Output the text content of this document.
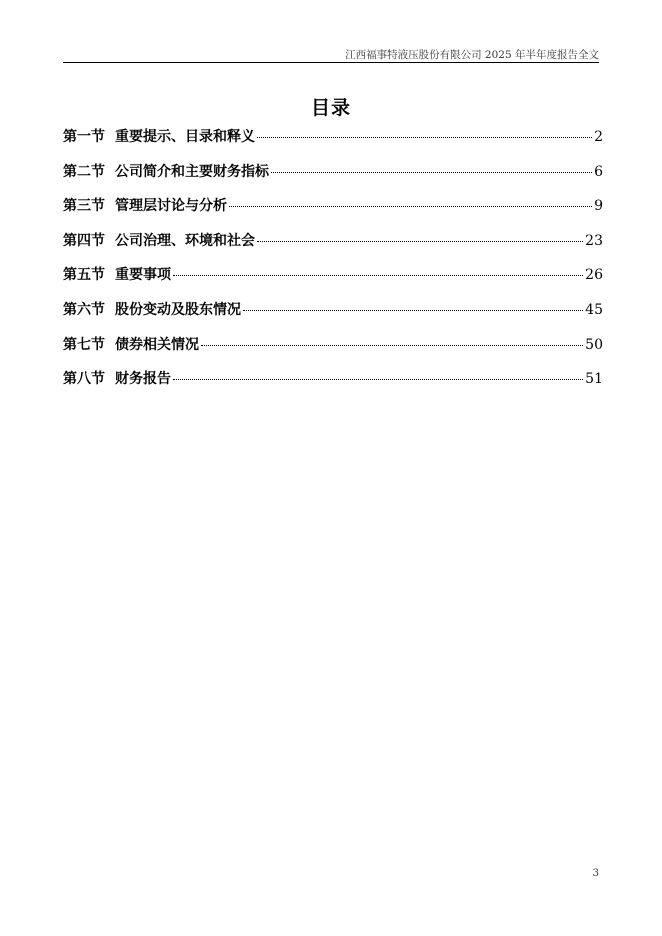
江西福事特液压股份有限公司 2025 年半年度报告全文
目录
第一节 重要提示、目录和释义	2
第二节 公司简介和主要财务指标	6
第三节 管理层讨论与分析	9
第四节 公司治理、环境和社会	23
第五节 重要事项	26
第六节 股份变动及股东情况	45
第七节 债券相关情况	50
第八节 财务报告	51
3
